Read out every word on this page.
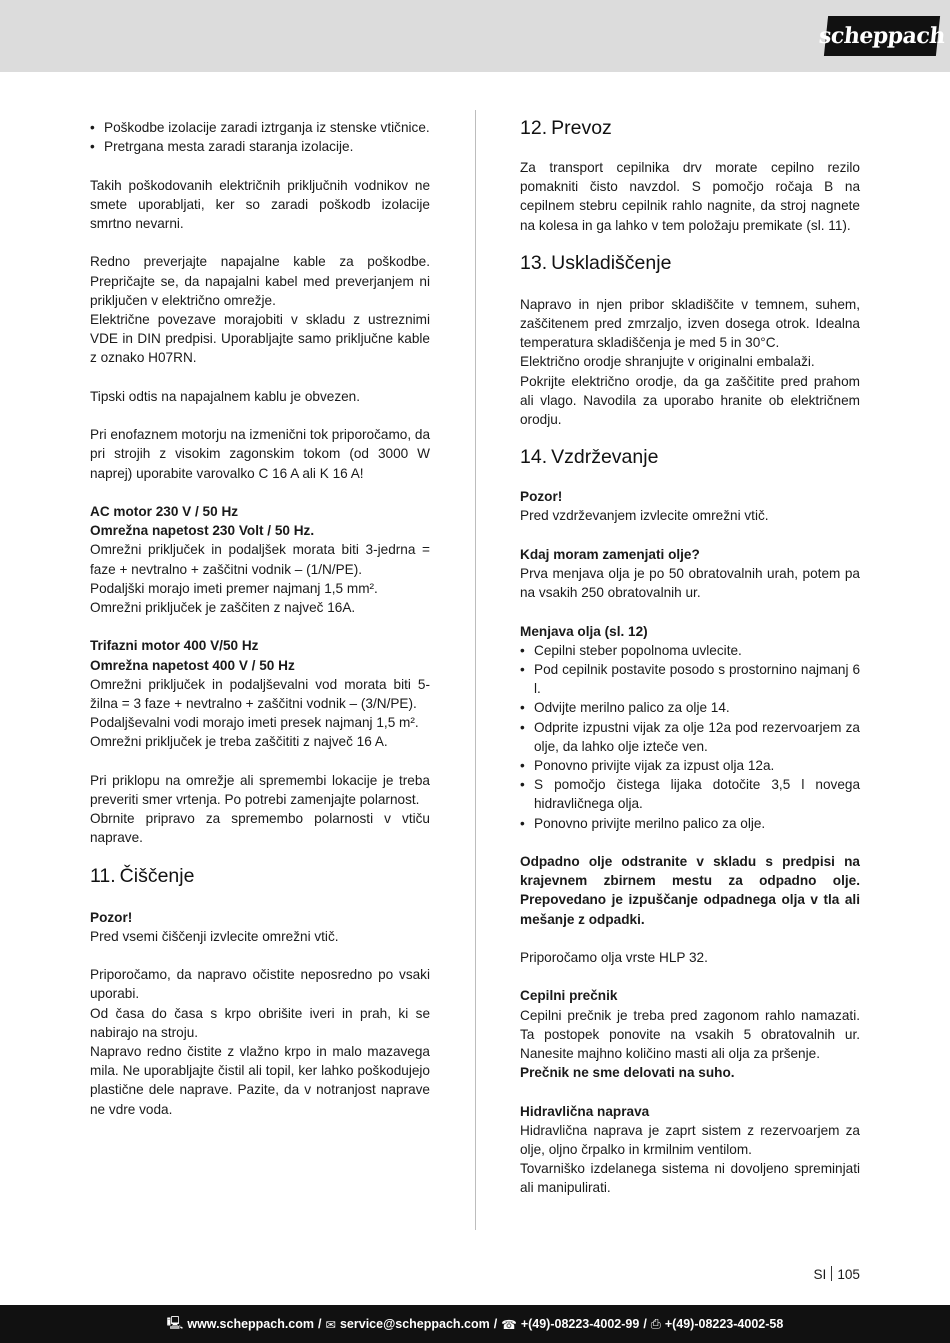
scheppach
• Poškodbe izolacije zaradi iztrganja iz stenske vtičnice.
• Pretrgana mesta zaradi staranja izolacije.

Takih poškodovanih električnih priključnih vodnikov ne smete uporabljati, ker so zaradi poškodb izolacije smrtno nevarni.

Redno preverjajte napajalne kable za poškodbe. Prepričajte se, da napajalni kabel med preverjanjem ni priključen v električno omrežje.

Električne povezave morajobiti v skladu z ustreznimi VDE in DIN predpisi. Uporabljajte samo priključne kable z oznako H07RN.

Tipski odtis na napajalnem kablu je obvezen.

Pri enofaznem motorju na izmenični tok priporočamo, da pri strojih z visokim zagonskim tokom (od 3000 W naprej) uporabite varovalko C 16 A ali K 16 A!

AC motor 230 V / 50 Hz

Omrežna napetost 230 Volt / 50 Hz.

Omrežni priključek in podaljšek morata biti 3-jedrna = faze + nevtralno + zaščitni vodnik – (1/N/PE).

Podaljški morajo imeti premer najmanj 1,5 mm².

Omrežni priključek je zaščiten z največ 16A.

Trifazni motor 400 V/50 Hz

Omrežna napetost 400 V / 50 Hz

Omrežni priključek in podaljševalni vod morata biti 5-žilna = 3 faze + nevtralno + zaščitni vodnik – (3/N/PE).

Podaljševalni vodi morajo imeti presek najmanj 1,5 m².

Omrežni priključek je treba zaščititi z največ 16 A.

Pri priklopu na omrežje ali spremembi lokacije je treba preveriti smer vrtenja. Po potrebi zamenjajte polarnost.

Obrnite pripravo za spremembo polarnosti v vtiču naprave.

11. Čiščenje

Pozor!

Pred vsemi čiščenji izvlecite omrežni vtič.

Priporočamo, da napravo očistite neposredno po vsaki uporabi.

Od časa do časa s krpo obrišite iveri in prah, ki se nabirajo na stroju.

Napravo redno čistite z vlažno krpo in malo mazavega mila. Ne uporabljajte čistil ali topil, ker lahko poškodujejo plastične dele naprave. Pazite, da v notranjost naprave ne vdre voda.

12. Prevoz

Za transport cepilnika drv morate cepilno rezilo pomakniti čisto navzdol. S pomočjo ročaja B na cepilnem stebru cepilnik rahlo nagnite, da stroj nagnete na kolesa in ga lahko v tem položaju premikate (sl. 11).

13. Uskladiščenje

Napravo in njen pribor skladiščite v temnem, suhem, zaščitenem pred zmrzaljo, izven dosega otrok. Idealna temperatura skladiščenja je med 5 in 30°C.

Električno orodje shranjujte v originalni embalaži.

Pokrijte električno orodje, da ga zaščitite pred prahom ali vlago. Navodila za uporabo hranite ob električnem orodju.

14. Vzdrževanje

Pozor!

Pred vzdrževanjem izvlecite omrežni vtič.

Kdaj moram zamenjati olje?

Prva menjava olja je po 50 obratovalnih urah, potem pa na vsakih 250 obratovalnih ur.

Menjava olja (sl. 12)

• Cepilni steber popolnoma uvlecite.
• Pod cepilnik postavite posodo s prostornino najmanj 6 l.
• Odvijte merilno palico za olje 14.
• Odprite izpustni vijak za olje 12a pod rezervoarjem za olje, da lahko olje izteče ven.
• Ponovno privijte vijak za izpust olja 12a.
• S pomočjo čistega lijaka dotočite 3,5 l novega hidravličnega olja.
• Ponovno privijte merilno palico za olje.

Odpadno olje odstranite v skladu s predpisi na krajevnem zbirnem mestu za odpadno olje. Prepovedano je izpuščanje odpadnega olja v tla ali mešanje z odpadki.

Priporočamo olja vrste HLP 32.

Cepilni prečnik

Cepilni prečnik je treba pred zagonom rahlo namazati. Ta postopek ponovite na vsakih 5 obratovalnih ur. Nanesite majhno količino masti ali olja za pršenje.

Prečnik ne sme delovati na suho.

Hidravlična naprava

Hidravlična naprava je zaprt sistem z rezervoarjem za olje, oljno črpalko in krmilnim ventilom.

Tovarniško izdelanega sistema ni dovoljeno spreminjati ali manipulirati.

SI 105
🖳︎ www.scheppach.com / ✉︎ service@scheppach.com / ☎︎ +(49)-08223-4002-99 / ⎙ +(49)-08223-4002-58
